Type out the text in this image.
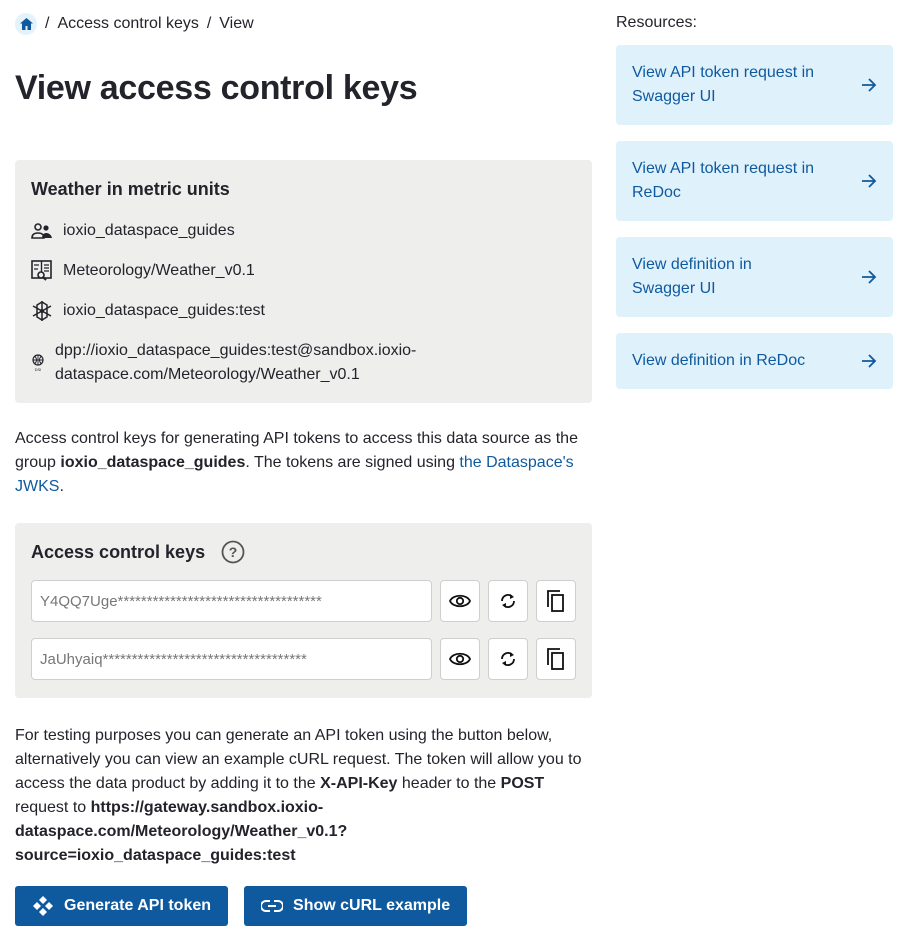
/ Access control keys / View
View access control keys
Weather in metric units
ioxio_dataspace_guides
Meteorology/Weather_v0.1
ioxio_dataspace_guides:test
DSI
dpp://ioxio_dataspace_guides:test@sandbox.ioxio-
dataspace.com/Meteorology/Weather_v0.1

Access control keys for generating API tokens to access this data source as the group ioxio_dataspace_guides. The tokens are signed using the Dataspace's JWKS.

Access control keys ?
Y4QQ7Uge***********************************
JaUhyaiq***********************************

For testing purposes you can generate an API token using the button below, alternatively you can view an example cURL request. The token will allow you to access the data product by adding it to the X-API-Key header to the POST request to https://gateway.sandbox.ioxio-dataspace.com/Meteorology/Weather_v0.1?source=ioxio_dataspace_guides:test

Generate API token	Show cURL example
Resources:
View API token request in Swagger UI
View API token request in ReDoc
View definition in Swagger UI
View definition in ReDoc
